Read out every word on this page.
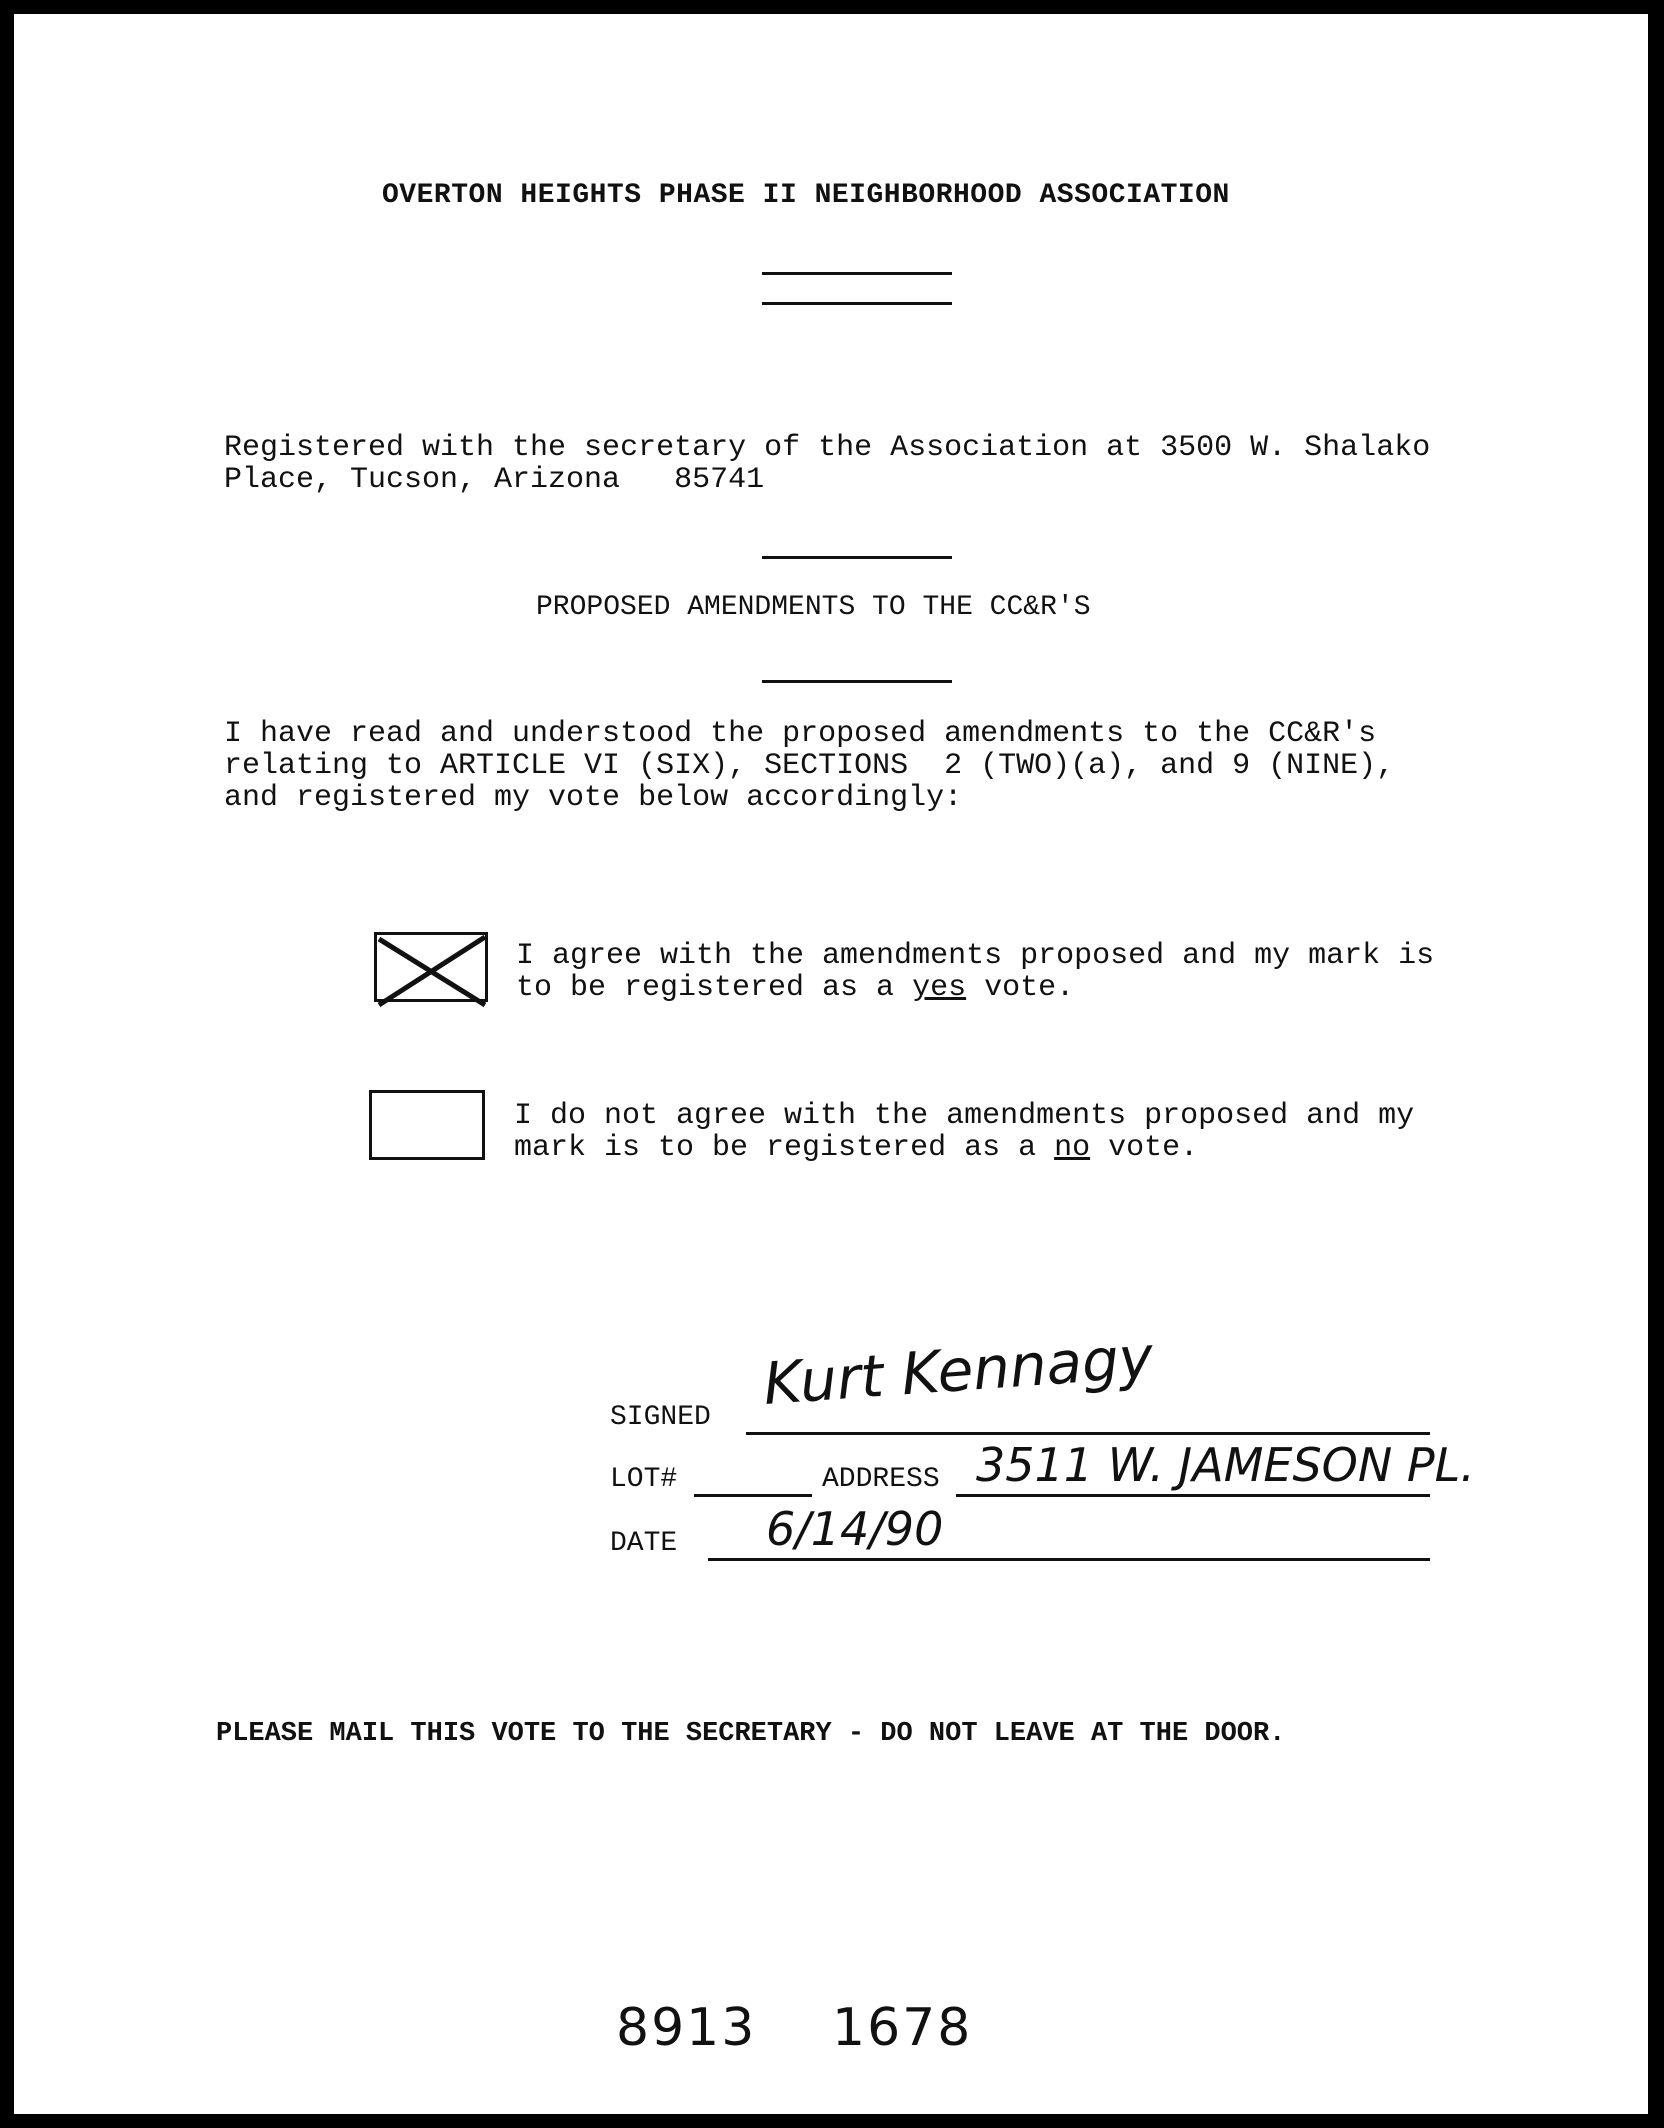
OVERTON HEIGHTS PHASE II NEIGHBORHOOD ASSOCIATION
Registered with the secretary of the Association at 3500 W. Shalako
Place, Tucson, Arizona   85741
PROPOSED AMENDMENTS TO THE CC&R'S
I have read and understood the proposed amendments to the CC&R's
relating to ARTICLE VI (SIX), SECTIONS  2 (TWO)(a), and 9 (NINE),
and registered my vote below accordingly:
I agree with the amendments proposed and my mark is
to be registered as a yes vote.
I do not agree with the amendments proposed and my
mark is to be registered as a no vote.
SIGNED Kurt Kennagy
LOT#	ADDRESS 3511 W. JAMESON PL.
DATE 6/14/90
PLEASE MAIL THIS VOTE TO THE SECRETARY - DO NOT LEAVE AT THE DOOR.
8913 1678
